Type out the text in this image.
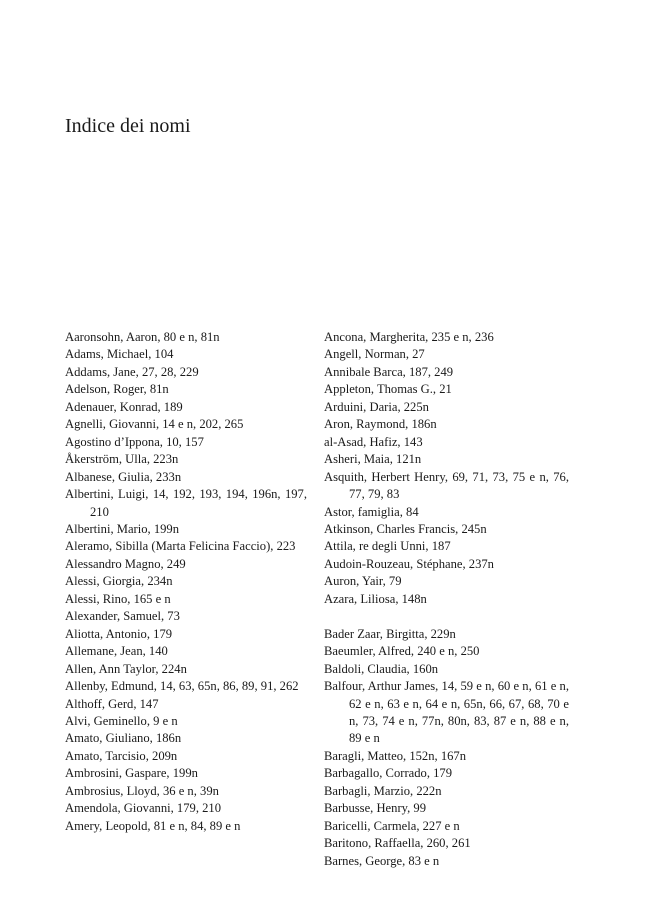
Indice dei nomi

Aaronsohn, Aaron, 80 e n, 81n

Adams, Michael, 104

Addams, Jane, 27, 28, 229

Adelson, Roger, 81n

Adenauer, Konrad, 189

Agnelli, Giovanni, 14 e n, 202, 265

Agostino d’Ippona, 10, 157

Åkerström, Ulla, 223n

Albanese, Giulia, 233n

Albertini, Luigi, 14, 192, 193, 194, 196n, 197, 210

Albertini, Mario, 199n

Aleramo, Sibilla (Marta Felicina Faccio), 223

Alessandro Magno, 249

Alessi, Giorgia, 234n

Alessi, Rino, 165 e n

Alexander, Samuel, 73

Aliotta, Antonio, 179

Allemane, Jean, 140

Allen, Ann Taylor, 224n

Allenby, Edmund, 14, 63, 65n, 86, 89, 91, 262

Althoff, Gerd, 147

Alvi, Geminello, 9 e n

Amato, Giuliano, 186n

Amato, Tarcisio, 209n

Ambrosini, Gaspare, 199n

Ambrosius, Lloyd, 36 e n, 39n

Amendola, Giovanni, 179, 210

Amery, Leopold, 81 e n, 84, 89 e n

Ancona, Margherita, 235 e n, 236

Angell, Norman, 27

Annibale Barca, 187, 249

Appleton, Thomas G., 21

Arduini, Daria, 225n

Aron, Raymond, 186n

al-Asad, Hafiz, 143

Asheri, Maia, 121n

Asquith, Herbert Henry, 69, 71, 73, 75 e n, 76, 77, 79, 83

Astor, famiglia, 84

Atkinson, Charles Francis, 245n

Attila, re degli Unni, 187

Audoin-Rouzeau, Stéphane, 237n

Auron, Yair, 79

Azara, Liliosa, 148n

Bader Zaar, Birgitta, 229n

Baeumler, Alfred, 240 e n, 250

Baldoli, Claudia, 160n

Balfour, Arthur James, 14, 59 e n, 60 e n, 61 e n, 62 e n, 63 e n, 64 e n, 65n, 66, 67, 68, 70 e n, 73, 74 e n, 77n, 80n, 83, 87 e n, 88 e n, 89 e n

Baragli, Matteo, 152n, 167n

Barbagallo, Corrado, 179

Barbagli, Marzio, 222n

Barbusse, Henry, 99

Baricelli, Carmela, 227 e n

Baritono, Raffaella, 260, 261

Barnes, George, 83 e n
